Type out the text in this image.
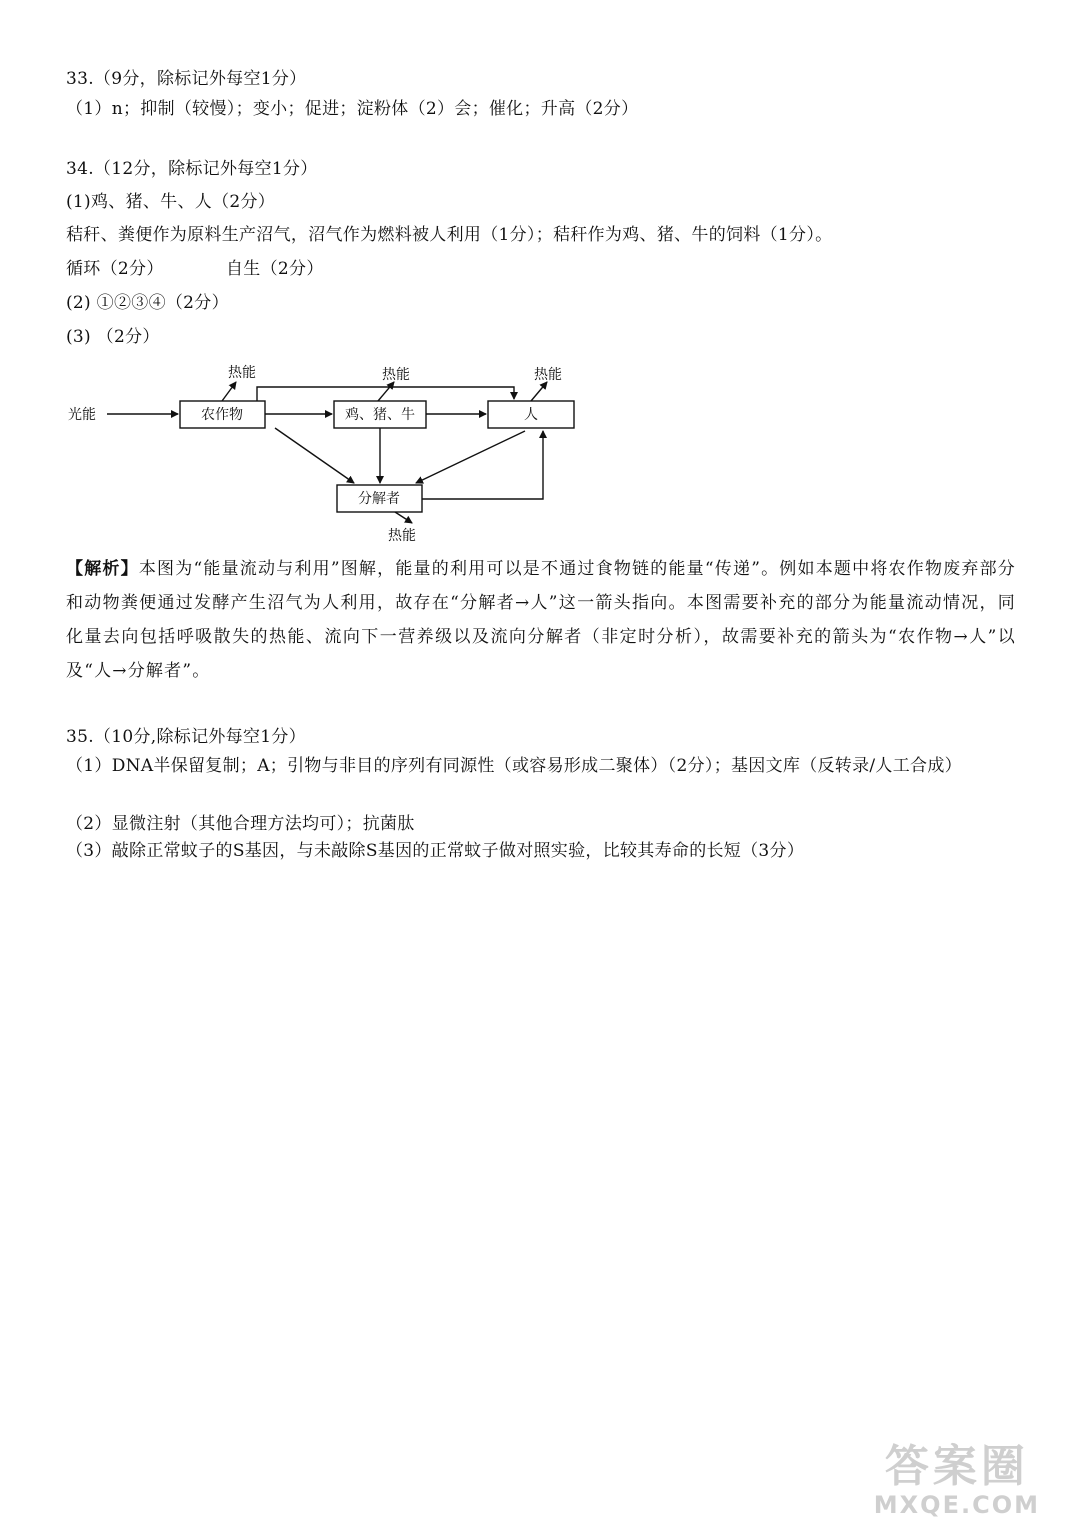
33.（9分，除标记外每空1分）
（1）n；抑制（较慢）；变小；促进；淀粉体（2）会；催化；升高（2分）
34.（12分，除标记外每空1分）
(1)鸡、猪、牛、人（2分）
秸秆、粪便作为原料生产沼气，沼气作为燃料被人利用（1分）；秸秆作为鸡、猪、牛的饲料（1分）。
循环（2分）	自生（2分）
(2) ①②③④（2分）
(3) （2分）
光能	农作物	鸡、猪、牛	人
分解者
热能	热能	热能
热能
【解析】本图为“能量流动与利用”图解，能量的利用可以是不通过食物链的能量“传递”。例如本题中将农作物废弃部分和动物粪便通过发酵产生沼气为人利用，故存在“分解者→人”这一箭头指向。本图需要补充的部分为能量流动情况，同化量去向包括呼吸散失的热能、流向下一营养级以及流向分解者（非定时分析），故需要补充的箭头为“农作物→人”以及“人→分解者”。
35.（10分,除标记外每空1分）
（1）DNA半保留复制；A；引物与非目的序列有同源性（或容易形成二聚体）（2分）；基因文库（反转录/人工合成）
（2）显微注射（其他合理方法均可）；抗菌肽
（3）敲除正常蚊子的S基因，与未敲除S基因的正常蚊子做对照实验，比较其寿命的长短（3分）
答案圈
MXQE.COM
